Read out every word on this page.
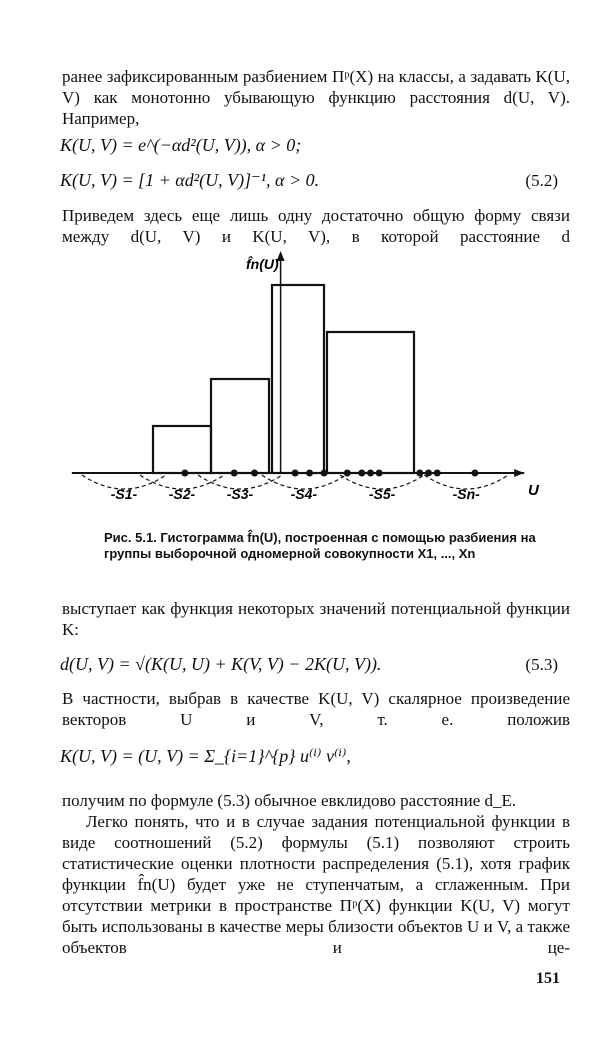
ранее зафиксированным разбиением Πᵖ(X) на классы, а задавать K(U, V) как монотонно убывающую функцию расстояния d(U, V). Например,
K(U, V) = e^(−αd²(U, V)), α > 0;
K(U, V) = [1 + αd²(U, V)]⁻¹, α > 0.	(5.2)
Приведем здесь еще лишь одну достаточно общую форму связи между d(U, V) и K(U, V), в которой расстояние d
-S1- -S2- -S3-	-S4-	-S5-	-Sn-
f̂n(U)
U
Рис. 5.1. Гистограмма f̂n(U), построенная с помощью разбиения на группы выборочной одномерной совокупности X1, ..., Xn
выступает как функция некоторых значений потенциальной функции K:
d(U, V) = √(K(U, U) + K(V, V) − 2K(U, V)).	(5.3)
В частности, выбрав в качестве K(U, V) скалярное произведение векторов U и V, т. е. положив
K(U, V) = (U, V) = Σ_{i=1}^{p} u⁽ⁱ⁾ v⁽ⁱ⁾,
получим по формуле (5.3) обычное евклидово расстояние d_E.
Легко понять, что и в случае задания потенциальной функции в виде соотношений (5.2) формулы (5.1) позволяют строить статистические оценки плотности распределения (5.1), хотя график функции f̂n(U) будет уже не ступенчатым, а сглаженным. При отсутствии метрики в пространстве Πᵖ(X) функции K(U, V) могут быть использованы в качестве меры близости объектов U и V, а также объектов и це-
151
